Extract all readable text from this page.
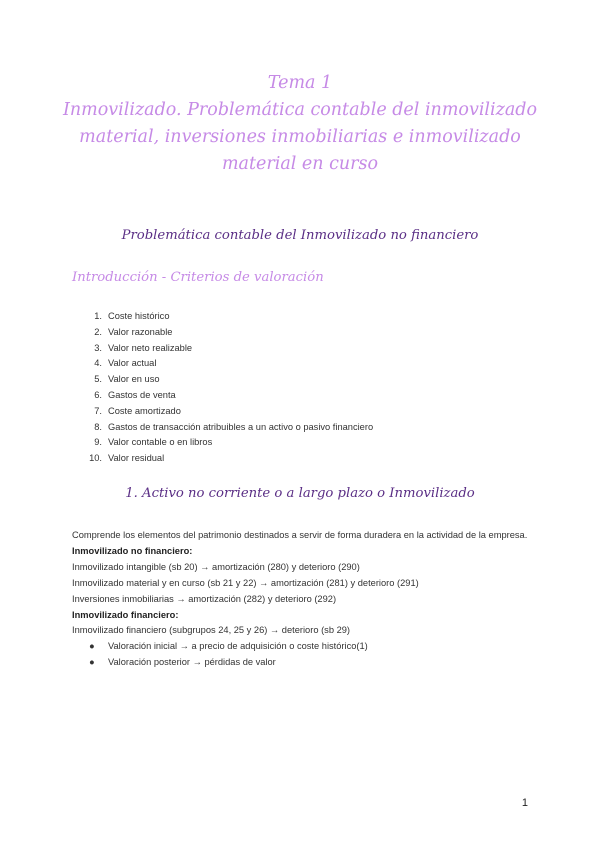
Tema 1
Inmovilizado. Problemática contable del inmovilizado
material, inversiones inmobiliarias e inmovilizado
material en curso
Problemática contable del Inmovilizado no financiero
Introducción - Criterios de valoración
1. Coste histórico
2. Valor razonable
3. Valor neto realizable
4. Valor actual
5. Valor en uso
6. Gastos de venta
7. Coste amortizado
8. Gastos de transacción atribuibles a un activo o pasivo financiero
9. Valor contable o en libros
10. Valor residual
1. Activo no corriente o a largo plazo o Inmovilizado

Comprende los elementos del patrimonio destinados a servir de forma duradera en la actividad de la empresa.

Inmovilizado no financiero:

Inmovilizado intangible (sb 20) → amortización (280) y deterioro (290)

Inmovilizado material y en curso (sb 21 y 22) → amortización (281) y deterioro (291)

Inversiones inmobiliarias → amortización (282) y deterioro (292)

Inmovilizado financiero:

Inmovilizado financiero (subgrupos 24, 25 y 26) → deterioro (sb 29)

● Valoración inicial → a precio de adquisición o coste histórico(1)
● Valoración posterior → pérdidas de valor
1
